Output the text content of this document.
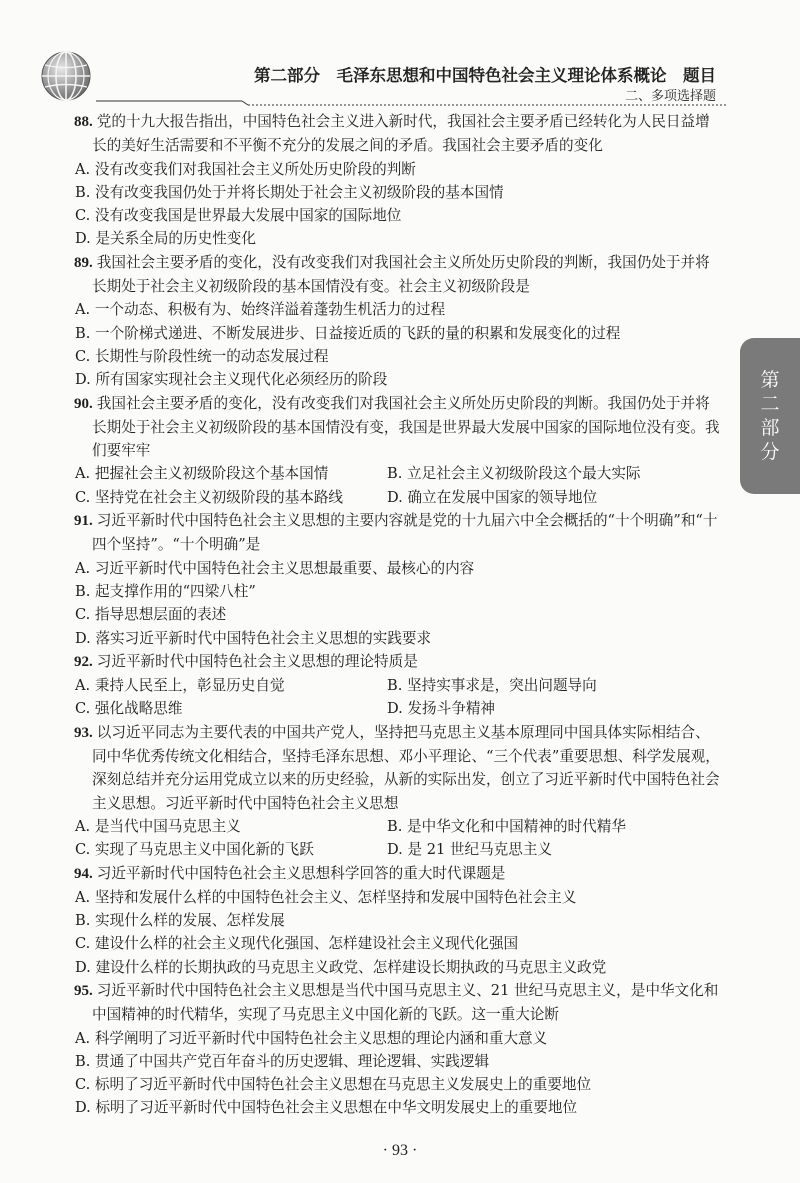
第二部分　毛泽东思想和中国特色社会主义理论体系概论　题目
二、多项选择题
88. 党的十九大报告指出，中国特色社会主义进入新时代，我国社会主要矛盾已经转化为人民日益增长的美好生活需要和不平衡不充分的发展之间的矛盾。我国社会主要矛盾的变化
A. 没有改变我们对我国社会主义所处历史阶段的判断
B. 没有改变我国仍处于并将长期处于社会主义初级阶段的基本国情
C. 没有改变我国是世界最大发展中国家的国际地位
D. 是关系全局的历史性变化
89. 我国社会主要矛盾的变化，没有改变我们对我国社会主义所处历史阶段的判断，我国仍处于并将长期处于社会主义初级阶段的基本国情没有变。社会主义初级阶段是
A. 一个动态、积极有为、始终洋溢着蓬勃生机活力的过程
B. 一个阶梯式递进、不断发展进步、日益接近质的飞跃的量的积累和发展变化的过程
C. 长期性与阶段性统一的动态发展过程
D. 所有国家实现社会主义现代化必须经历的阶段
90. 我国社会主要矛盾的变化，没有改变我们对我国社会主义所处历史阶段的判断。我国仍处于并将长期处于社会主义初级阶段的基本国情没有变，我国是世界最大发展中国家的国际地位没有变。我们要牢牢
A. 把握社会主义初级阶段这个基本国情	B. 立足社会主义初级阶段这个最大实际
C. 坚持党在社会主义初级阶段的基本路线	D. 确立在发展中国家的领导地位
91. 习近平新时代中国特色社会主义思想的主要内容就是党的十九届六中全会概括的“十个明确”和“十四个坚持”。“十个明确”是
A. 习近平新时代中国特色社会主义思想最重要、最核心的内容
B. 起支撑作用的“四梁八柱”
C. 指导思想层面的表述
D. 落实习近平新时代中国特色社会主义思想的实践要求
92. 习近平新时代中国特色社会主义思想的理论特质是
A. 秉持人民至上，彰显历史自觉	B. 坚持实事求是，突出问题导向
C. 强化战略思维	D. 发扬斗争精神
93. 以习近平同志为主要代表的中国共产党人，坚持把马克思主义基本原理同中国具体实际相结合、同中华优秀传统文化相结合，坚持毛泽东思想、邓小平理论、“三个代表”重要思想、科学发展观，深刻总结并充分运用党成立以来的历史经验，从新的实际出发，创立了习近平新时代中国特色社会主义思想。习近平新时代中国特色社会主义思想
A. 是当代中国马克思主义	B. 是中华文化和中国精神的时代精华
C. 实现了马克思主义中国化新的飞跃	D. 是 21 世纪马克思主义
94. 习近平新时代中国特色社会主义思想科学回答的重大时代课题是
A. 坚持和发展什么样的中国特色社会主义、怎样坚持和发展中国特色社会主义
B. 实现什么样的发展、怎样发展
C. 建设什么样的社会主义现代化强国、怎样建设社会主义现代化强国
D. 建设什么样的长期执政的马克思主义政党、怎样建设长期执政的马克思主义政党
95. 习近平新时代中国特色社会主义思想是当代中国马克思主义、21 世纪马克思主义，是中华文化和中国精神的时代精华，实现了马克思主义中国化新的飞跃。这一重大论断
A. 科学阐明了习近平新时代中国特色社会主义思想的理论内涵和重大意义
B. 贯通了中国共产党百年奋斗的历史逻辑、理论逻辑、实践逻辑
C. 标明了习近平新时代中国特色社会主义思想在马克思主义发展史上的重要地位
D. 标明了习近平新时代中国特色社会主义思想在中华文明发展史上的重要地位
第
二
部
分
· 93 ·
